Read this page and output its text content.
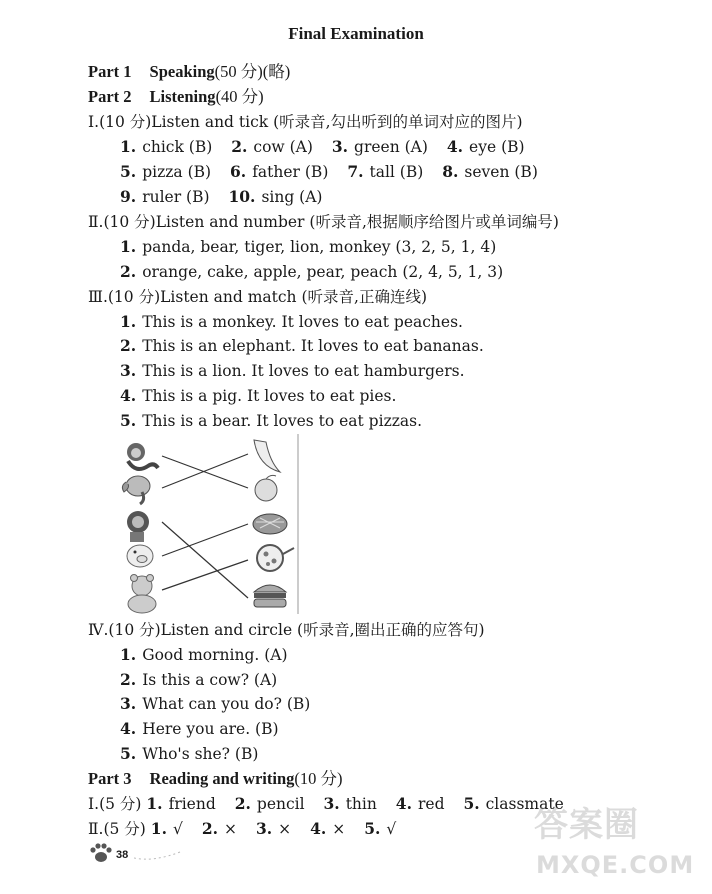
Final Examination
Part 1 Speaking(50 分)(略)
Part 2 Listening(40 分)
Ⅰ.(10 分)Listen and tick (听录音,勾出听到的单词对应的图片)
1. chick (B) 2. cow (A) 3. green (A) 4. eye (B)
5. pizza (B) 6. father (B) 7. tall (B) 8. seven (B)
9. ruler (B) 10. sing (A)
Ⅱ.(10 分)Listen and number (听录音,根据顺序给图片或单词编号)
1. panda, bear, tiger, lion, monkey (3, 2, 5, 1, 4)
2. orange, cake, apple, pear, peach (2, 4, 5, 1, 3)
Ⅲ.(10 分)Listen and match (听录音,正确连线)
1. This is a monkey. It loves to eat peaches.
2. This is an elephant. It loves to eat bananas.
3. This is a lion. It loves to eat hamburgers.
4. This is a pig. It loves to eat pies.
5. This is a bear. It loves to eat pizzas.
Ⅳ.(10 分)Listen and circle (听录音,圈出正确的应答句)
1. Good morning. (A)
2. Is this a cow? (A)
3. What can you do? (B)
4. Here you are. (B)
5. Who's she? (B)
Part 3 Reading and writing(10 分)
Ⅰ.(5 分) 1. friend 2. pencil 3. thin 4. red 5. classmate
Ⅱ.(5 分) 1. √ 2. × 3. × 4. × 5. √
38
答案圈
MXQE.COM
